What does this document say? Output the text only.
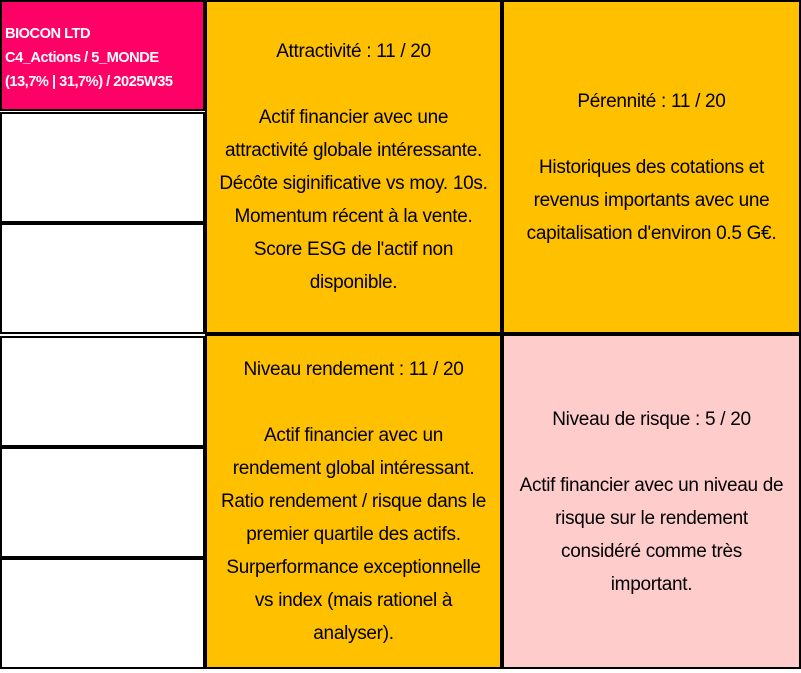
BIOCON LTD C4_Actions / 5_MONDE (13,7% | 31,7%) / 2025W35
Attractivité : 11 / 20
Actif financier avec une
attractivité globale intéressante.
Décôte siginificative vs moy. 10s.
Momentum récent à la vente.
Score ESG de l'actif non
disponible.
Pérennité : 11 / 20
Historiques des cotations et
revenus importants avec une
capitalisation d'environ 0.5 G€.
Niveau rendement : 11 / 20
Actif financier avec un
rendement global intéressant.
Ratio rendement / risque dans le
premier quartile des actifs.
Surperformance exceptionnelle
vs index (mais rationel à
analyser).
Niveau de risque : 5 / 20
Actif financier avec un niveau de
risque sur le rendement
considéré comme très
important.
